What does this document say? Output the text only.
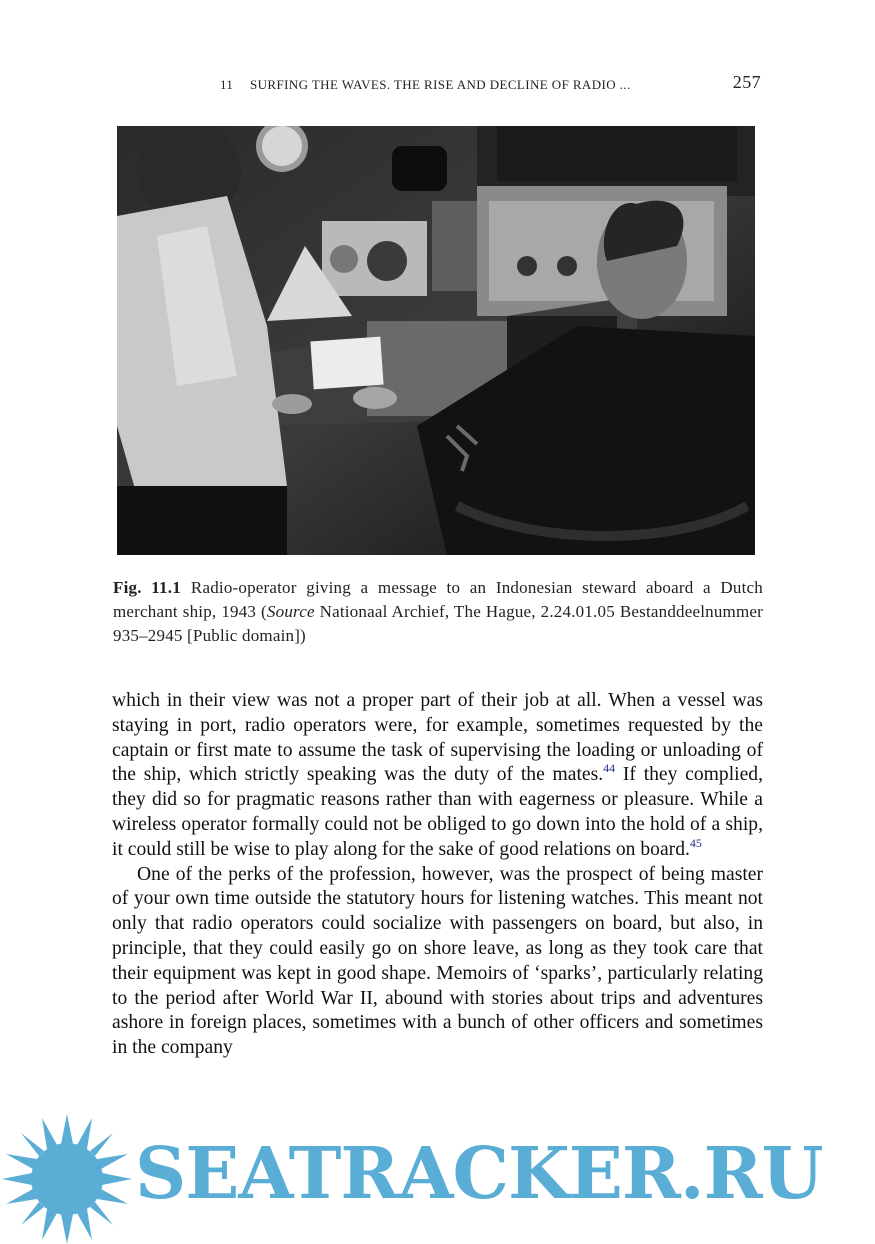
11 SURFING THE WAVES. THE RISE AND DECLINE OF RADIO ...	257
Fig. 11.1 Radio-operator giving a message to an Indonesian steward aboard a Dutch merchant ship, 1943 (Source Nationaal Archief, The Hague, 2.24.01.05 Bestanddeelnummer 935–2945 [Public domain])

which in their view was not a proper part of their job at all. When a vessel was staying in port, radio operators were, for example, sometimes requested by the captain or first mate to assume the task of supervising the loading or unloading of the ship, which strictly speaking was the duty of the mates.$^{44}$ If they complied, they did so for pragmatic reasons rather than with eagerness or pleasure. While a wireless operator formally could not be obliged to go down into the hold of a ship, it could still be wise to play along for the sake of good relations on board.$^{45}$

One of the perks of the profession, however, was the prospect of being master of your own time outside the statutory hours for listening watches. This meant not only that radio operators could socialize with passengers on board, but also, in principle, that they could easily go on shore leave, as long as they took care that their equipment was kept in good shape. Memoirs of ‘sparks’, particularly relating to the period after World War II, abound with stories about trips and adventures ashore in foreign places, sometimes with a bunch of other officers and sometimes in the company

SEATRACKER.RU
